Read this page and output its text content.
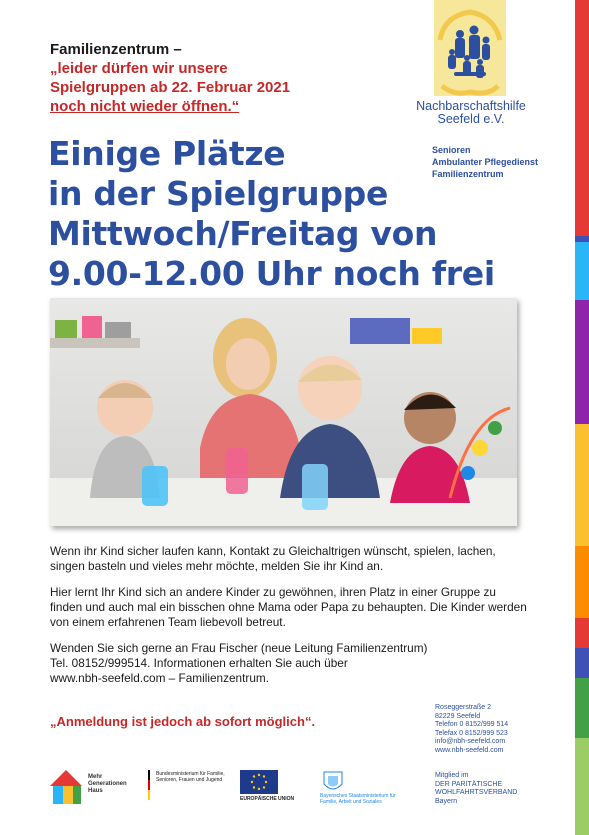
Familienzentrum –
„leider dürfen wir unsere
Spielgruppen ab 22. Februar 2021
noch nicht wieder öffnen.“	Nachbarschaftshilfe
Seefeld e.V.
Senioren
Ambulanter Pflegedienst
Familienzentrum
Einige Plätze
in der Spielgruppe
Mittwoch/Freitag von
9.00-12.00 Uhr noch frei

Wenn ihr Kind sicher laufen kann, Kontakt zu Gleichaltrigen wünscht, spielen, lachen, singen basteln und vieles mehr möchte, melden Sie ihr Kind an.

Hier lernt Ihr Kind sich an andere Kinder zu gewöhnen, ihren Platz in einer Gruppe zu finden und auch mal ein bisschen ohne Mama oder Papa zu behaupten. Die Kinder werden von einem erfahrenen Team liebevoll betreut.

Wenden Sie sich gerne an Frau Fischer (neue Leitung Familienzentrum)
Tel. 08152/999514. Informationen erhalten Sie auch über
www.nbh-seefeld.com – Familienzentrum.

„Anmeldung ist jedoch ab sofort möglich“.
Roseggerstraße 2
82229 Seefeld
Telefon 0 8152/999 514
Telefax 0 8152/999 523
info@nbh-seefeld.com
www.nbh-seefeld.com
Mitglied im
DER PARITÄTISCHE
WOHLFAHRTSVERBAND
Bayern
Mehr
Generationen
Haus
Bundesministerium für Familie, Senioren, Frauen und Jugend
EUROPÄISCHE UNION	Bayerisches Staatsministerium für Familie, Arbeit und Soziales
